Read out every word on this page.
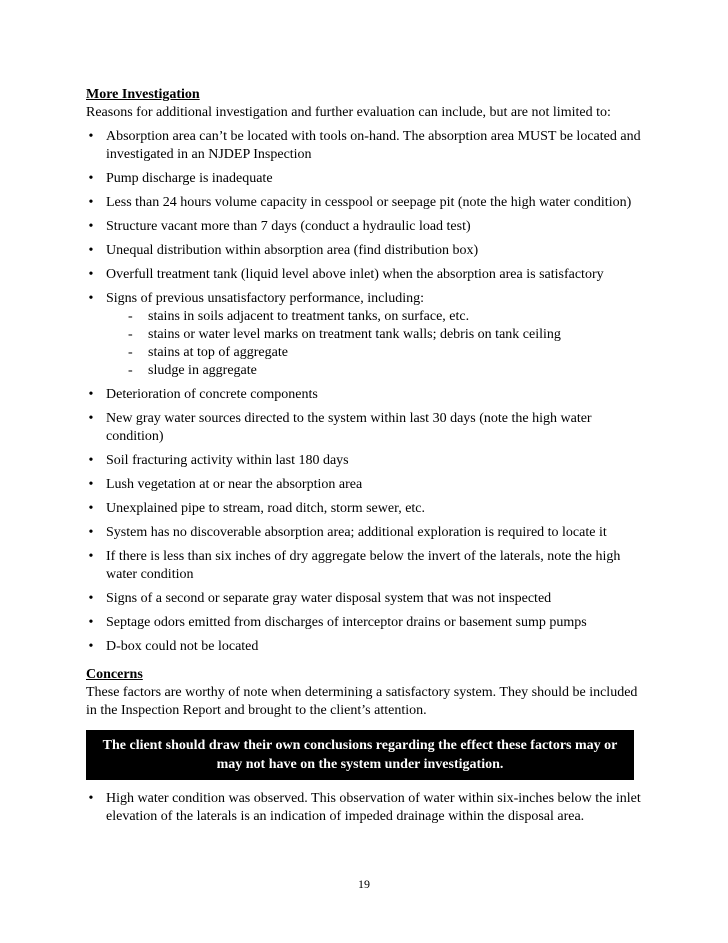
More Investigation

Reasons for additional investigation and further evaluation can include, but are not limited to:

• Absorption area can’t be located with tools on-hand. The absorption area MUST be located and investigated in an NJDEP Inspection
• Pump discharge is inadequate
• Less than 24 hours volume capacity in cesspool or seepage pit (note the high water condition)
• Structure vacant more than 7 days (conduct a hydraulic load test)
• Unequal distribution within absorption area (find distribution box)
• Overfull treatment tank (liquid level above inlet) when the absorption area is satisfactory
• Signs of previous unsatisfactory performance, including:
- stains in soils adjacent to treatment tanks, on surface, etc.
- stains or water level marks on treatment tank walls; debris on tank ceiling
- stains at top of aggregate
- sludge in aggregate
• Deterioration of concrete components
• New gray water sources directed to the system within last 30 days (note the high water condition)
• Soil fracturing activity within last 180 days
• Lush vegetation at or near the absorption area
• Unexplained pipe to stream, road ditch, storm sewer, etc.
• System has no discoverable absorption area; additional exploration is required to locate it
• If there is less than six inches of dry aggregate below the invert of the laterals, note the high water condition
• Signs of a second or separate gray water disposal system that was not inspected
• Septage odors emitted from discharges of interceptor drains or basement sump pumps
• D-box could not be located
Concerns

These factors are worthy of note when determining a satisfactory system. They should be included in the Inspection Report and brought to the client’s attention.

The client should draw their own conclusions regarding the effect these factors may or may not have on the system under investigation.
• High water condition was observed. This observation of water within six-inches below the inlet elevation of the laterals is an indication of impeded drainage within the disposal area.
19
